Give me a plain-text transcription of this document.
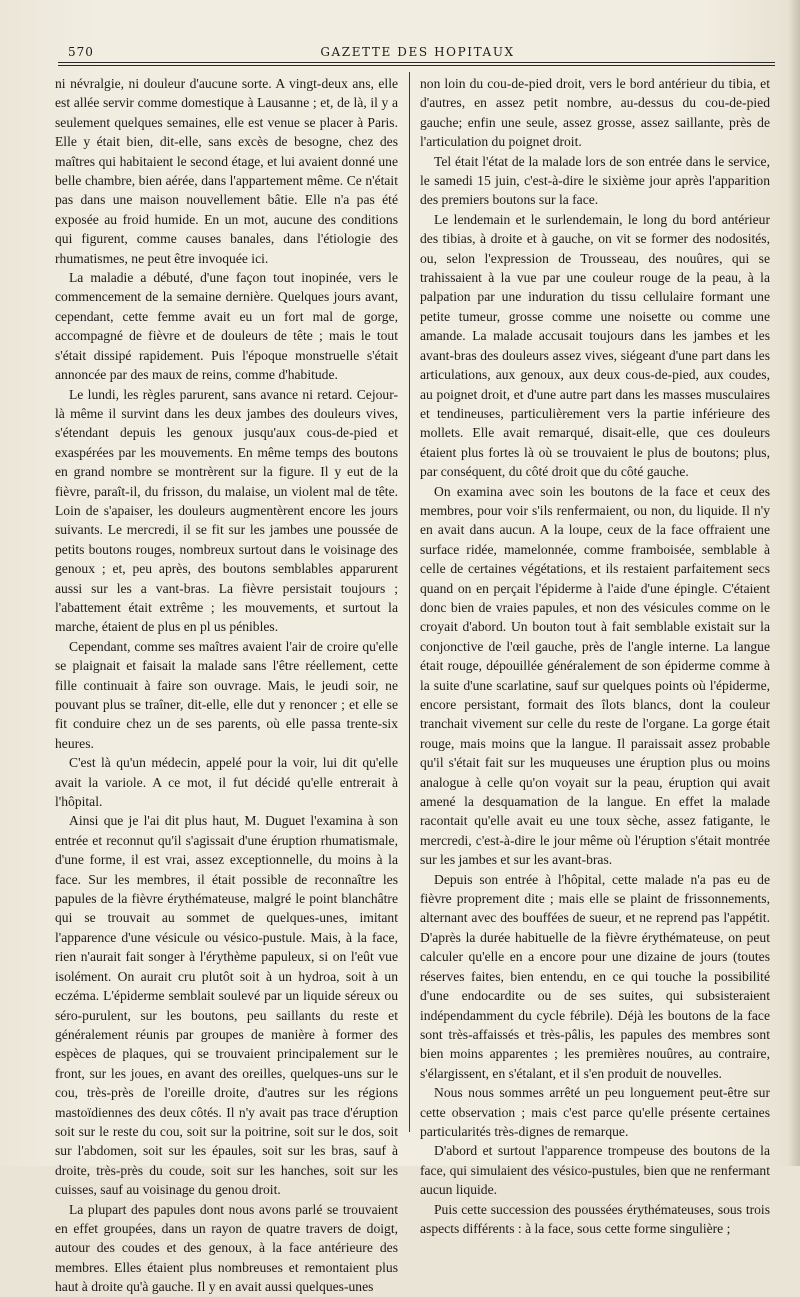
570	GAZETTE DES HOPITAUX

ni névralgie, ni douleur d'aucune sorte. A vingt-deux ans, elle est allée servir comme domestique à Lausanne ; et, de là, il y a seulement quelques semaines, elle est venue se placer à Paris. Elle y était bien, dit-elle, sans excès de besogne, chez des maîtres qui habitaient le second étage, et lui avaient donné une belle chambre, bien aérée, dans l'appartement même. Ce n'était pas dans une maison nouvellement bâtie. Elle n'a pas été exposée au froid humide. En un mot, aucune des conditions qui figurent, comme causes banales, dans l'étiologie des rhumatismes, ne peut être invoquée ici.

La maladie a débuté, d'une façon tout inopinée, vers le commencement de la semaine dernière. Quelques jours avant, cependant, cette femme avait eu un fort mal de gorge, accompagné de fièvre et de douleurs de tête ; mais le tout s'était dissipé rapidement. Puis l'époque monstruelle s'était annoncée par des maux de reins, comme d'habitude.

Le lundi, les règles parurent, sans avance ni retard. Cejour-là même il survint dans les deux jambes des douleurs vives, s'étendant depuis les genoux jusqu'aux cous-de-pied et exaspérées par les mouvements. En même temps des boutons en grand nombre se montrèrent sur la figure. Il y eut de la fièvre, paraît-il, du frisson, du malaise, un violent mal de tête. Loin de s'apaiser, les douleurs augmentèrent encore les jours suivants. Le mercredi, il se fit sur les jambes une poussée de petits boutons rouges, nombreux surtout dans le voisinage des genoux ; et, peu après, des boutons semblables apparurent aussi sur les a vant-bras. La fièvre persistait toujours ; l'abattement était extrême ; les mouvements, et surtout la marche, étaient de plus en pl us pénibles.

Cependant, comme ses maîtres avaient l'air de croire qu'elle se plaignait et faisait la malade sans l'être réellement, cette fille continuait à faire son ouvrage. Mais, le jeudi soir, ne pouvant plus se traîner, dit-elle, elle dut y renoncer ; et elle se fit conduire chez un de ses parents, où elle passa trente-six heures.

C'est là qu'un médecin, appelé pour la voir, lui dit qu'elle avait la variole. A ce mot, il fut décidé qu'elle entrerait à l'hôpital.

Ainsi que je l'ai dit plus haut, M. Duguet l'examina à son entrée et reconnut qu'il s'agissait d'une éruption rhumatismale, d'une forme, il est vrai, assez exceptionnelle, du moins à la face. Sur les membres, il était possible de reconnaître les papules de la fièvre érythémateuse, malgré le point blanchâtre qui se trouvait au sommet de quelques-unes, imitant l'apparence d'une vésicule ou vésico-pustule. Mais, à la face, rien n'aurait fait songer à l'érythème papuleux, si on l'eût vue isolément. On aurait cru plutôt soit à un hydroa, soit à un eczéma. L'épiderme semblait soulevé par un liquide séreux ou séro-purulent, sur les boutons, peu saillants du reste et généralement réunis par groupes de manière à former des espèces de plaques, qui se trouvaient principalement sur le front, sur les joues, en avant des oreilles, quelques-uns sur le cou, très-près de l'oreille droite, d'autres sur les régions mastoïdiennes des deux côtés. Il n'y avait pas trace d'éruption soit sur le reste du cou, soit sur la poitrine, soit sur le dos, soit sur l'abdomen, soit sur les épaules, soit sur les bras, sauf à droite, très-près du coude, soit sur les hanches, soit sur les cuisses, sauf au voisinage du genou droit.

La plupart des papules dont nous avons parlé se trouvaient en effet groupées, dans un rayon de quatre travers de doigt, autour des coudes et des genoux, à la face antérieure des membres. Elles étaient plus nombreuses et remontaient plus haut à droite qu'à gauche. Il y en avait aussi quelques-unes

non loin du cou-de-pied droit, vers le bord antérieur du tibia, et d'autres, en assez petit nombre, au-dessus du cou-de-pied gauche; enfin une seule, assez grosse, assez saillante, près de l'articulation du poignet droit.

Tel était l'état de la malade lors de son entrée dans le service, le samedi 15 juin, c'est-à-dire le sixième jour après l'apparition des premiers boutons sur la face.

Le lendemain et le surlendemain, le long du bord antérieur des tibias, à droite et à gauche, on vit se former des nodosités, ou, selon l'expression de Trousseau, des nouûres, qui se trahissaient à la vue par une couleur rouge de la peau, à la palpation par une induration du tissu cellulaire formant une petite tumeur, grosse comme une noisette ou comme une amande. La malade accusait toujours dans les jambes et les avant-bras des douleurs assez vives, siégeant d'une part dans les articulations, aux genoux, aux deux cous-de-pied, aux coudes, au poignet droit, et d'une autre part dans les masses musculaires et tendineuses, particulièrement vers la partie inférieure des mollets. Elle avait remarqué, disait-elle, que ces douleurs étaient plus fortes là où se trouvaient le plus de boutons; plus, par conséquent, du côté droit que du côté gauche.

On examina avec soin les boutons de la face et ceux des membres, pour voir s'ils renfermaient, ou non, du liquide. Il n'y en avait dans aucun. A la loupe, ceux de la face offraient une surface ridée, mamelonnée, comme framboisée, semblable à celle de certaines végétations, et ils restaient parfaitement secs quand on en perçait l'épiderme à l'aide d'une épingle. C'étaient donc bien de vraies papules, et non des vésicules comme on le croyait d'abord. Un bouton tout à fait semblable existait sur la conjonctive de l'œil gauche, près de l'angle interne. La langue était rouge, dépouillée généralement de son épiderme comme à la suite d'une scarlatine, sauf sur quelques points où l'épiderme, encore persistant, formait des îlots blancs, dont la couleur tranchait vivement sur celle du reste de l'organe. La gorge était rouge, mais moins que la langue. Il paraissait assez probable qu'il s'était fait sur les muqueuses une éruption plus ou moins analogue à celle qu'on voyait sur la peau, éruption qui avait amené la desquamation de la langue. En effet la malade racontait qu'elle avait eu une toux sèche, assez fatigante, le mercredi, c'est-à-dire le jour même où l'éruption s'était montrée sur les jambes et sur les avant-bras.

Depuis son entrée à l'hôpital, cette malade n'a pas eu de fièvre proprement dite ; mais elle se plaint de frissonnements, alternant avec des bouffées de sueur, et ne reprend pas l'appétit. D'après la durée habituelle de la fièvre érythémateuse, on peut calculer qu'elle en a encore pour une dizaine de jours (toutes réserves faites, bien entendu, en ce qui touche la possibilité d'une endocardite ou de ses suites, qui subsisteraient indépendamment du cycle fébrile). Déjà les boutons de la face sont très-affaissés et très-pâlis, les papules des membres sont bien moins apparentes ; les premières nouûres, au contraire, s'élargissent, en s'étalant, et il s'en produit de nouvelles.

Nous nous sommes arrêté un peu longuement peut-être sur cette observation ; mais c'est parce qu'elle présente certaines particularités très-dignes de remarque.

D'abord et surtout l'apparence trompeuse des boutons de la face, qui simulaient des vésico-pustules, bien que ne renfermant aucun liquide.

Puis cette succession des poussées érythémateuses, sous trois aspects différents : à la face, sous cette forme singulière ;
